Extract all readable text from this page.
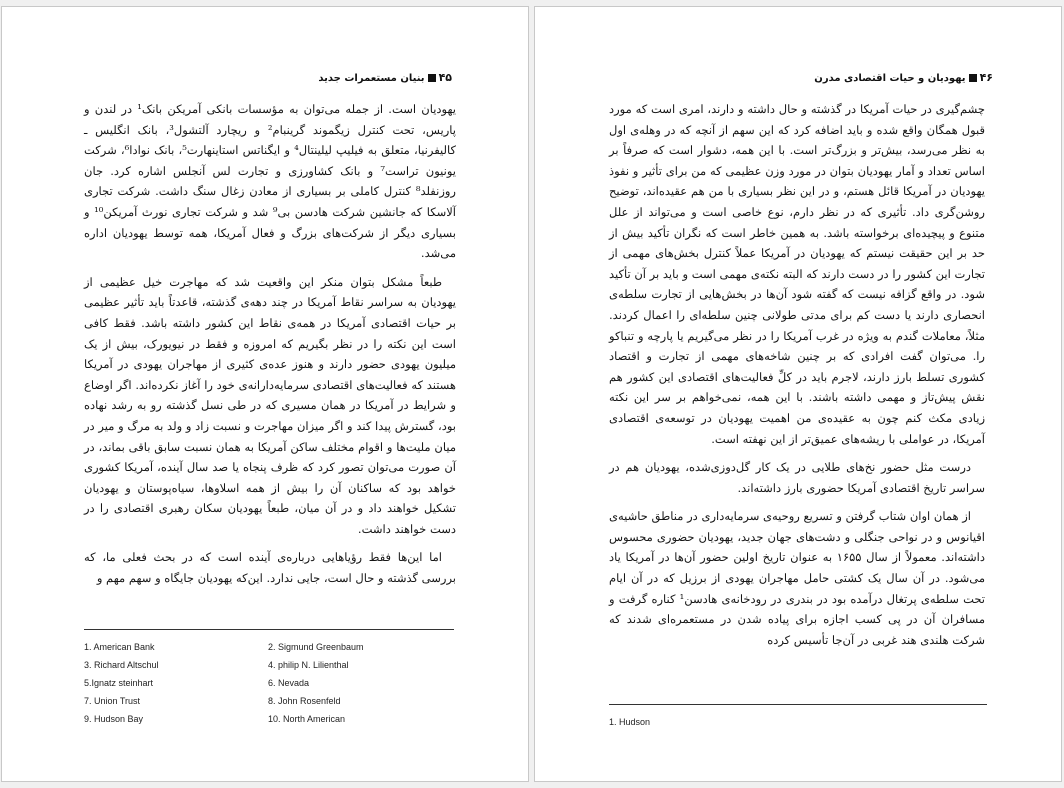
۴۵بنیان مستعمرات جدید

یهودیان است. از جمله می‌توان به مؤسسات بانکی آمریکن بانک¹ در لندن و پاریس، تحت کنترل زیگموند گرینبام² و ریچارد آلتشول³، بانک انگلیس ـ کالیفرنیا، متعلق به فیلیپ لیلینتال⁴ و ایگناتس استاینهارت⁵، بانک نوادا⁶، شرکت یونیون تراست⁷ و بانک کشاورزی و تجارت لس آنجلس اشاره کرد. جان روزنفلد⁸ کنترل کاملی بر بسیاری از معادن زغال سنگ داشت. شرکت تجاری آلاسکا که جانشین شرکت هادسن بی⁹ شد و شرکت تجاری نورث آمریکن¹⁰ و بسیاری دیگر از شرکت‌های بزرگ و فعال آمریکا، همه توسط یهودیان اداره می‌شد.

طبعاً مشکل بتوان منکر این واقعیت شد که مهاجرت خیل عظیمی از یهودیان به سراسر نقاط آمریکا در چند دهه‌ی گذشته، قاعدتاً باید تأثیر عظیمی بر حیات اقتصادی آمریکا در همه‌ی نقاط این کشور داشته باشد. فقط کافی است این نکته را در نظر بگیریم که امروزه و فقط در نیویورک، بیش از یک میلیون یهودی حضور دارند و هنوز عده‌ی کثیری از مهاجران یهودی در آمریکا هستند که فعالیت‌های اقتصادی سرمایه‌دارانه‌ی خود را آغاز نکرده‌اند. اگر اوضاع و شرایط در آمریکا در همان مسیری که در طی نسل گذشته رو به رشد نهاده بود، گسترش پیدا کند و اگر میزان مهاجرت و نسبت زاد و ولد به مرگ و میر در میان ملیت‌ها و اقوام مختلف ساکن آمریکا به همان نسبت سابق باقی بماند، در آن صورت می‌توان تصور کرد که ظرف پنجاه یا صد سال آینده، آمریکا کشوری خواهد بود که ساکنان آن را بیش از همه اسلاوها، سیاه‌پوستان و یهودیان تشکیل خواهند داد و در آن میان، طبعاً یهودیان سکان رهبری اقتصادی را در دست خواهند داشت.

اما این‌ها فقط رؤیاهایی درباره‌ی آینده است که در بحث فعلی ما، که بررسی گذشته و حال است، جایی ندارد. این‌که یهودیان جایگاه و سهم مهم و

1. American Bank	2. Sigmund Greenbaum
3. Richard Altschul	4. philip N. Lilienthal
5.Ignatz steinhart	6. Nevada
7. Union Trust	8. John Rosenfeld
9. Hudson Bay	10. North American
۴۶یهودیان و حیات اقتصادی مدرن

چشم‌گیری در حیات آمریکا در گذشته و حال داشته و دارند، امری است که مورد قبول همگان واقع شده و باید اضافه کرد که این سهم از آنچه که در وهله‌ی اول به نظر می‌رسد، بیش‌تر و بزرگ‌تر است. با این همه، دشوار است که صرفاً بر اساس تعداد و آمار یهودیان بتوان در مورد وزن عظیمی که من برای تأثیر و نفوذ یهودیان در آمریکا قائل هستم، و در این نظر بسیاری با من هم عقیده‌اند، توضیح روشن‌گری داد. تأثیری که در نظر دارم، نوع خاصی است و می‌تواند از علل متنوع و پیچیده‌ای برخواسته باشد. به همین خاطر است که نگران تأکید بیش از حد بر این حقیقت نیستم که یهودیان در آمریکا عملاً کنترل بخش‌های مهمی از تجارت این کشور را در دست دارند که البته نکته‌ی مهمی است و باید بر آن تأکید شود. در واقع گزافه نیست که گفته شود آن‌ها در بخش‌هایی از تجارت سلطه‌ی انحصاری دارند یا دست کم برای مدتی طولانی چنین سلطه‌ای را اعمال کردند. مثلاً، معاملات گندم به ویژه در غرب آمریکا را در نظر می‌گیریم یا پارچه و تنباکو را. می‌توان گفت افرادی که بر چنین شاخه‌های مهمی از تجارت و اقتصاد کشوری تسلط بارز دارند، لاجرم باید در کلِّ فعالیت‌های اقتصادی این کشور هم نقش پیش‌تاز و مهمی داشته باشند. با این همه، نمی‌خواهم بر سر این نکته زیادی مکث کنم چون به عقیده‌ی من اهمیت یهودیان در توسعه‌ی اقتصادی آمریکا، در عواملی با ریشه‌های عمیق‌تر از این نهفته است.

درست مثل حضور نخ‌های طلایی در یک کار گل‌دوزی‌شده، یهودیان هم در سراسر تاریخ اقتصادی آمریکا حضوری بارز داشته‌اند.

از همان اوان شتاب گرفتن و تسریع روحیه‌ی سرمایه‌داری در مناطق حاشیه‌ی اقیانوس و در نواحی جنگلی و دشت‌های جهان جدید، یهودیان حضوری محسوس داشته‌اند. معمولاً از سال ۱۶۵۵ به عنوان تاریخ اولین حضور آن‌ها در آمریکا یاد می‌شود. در آن سال یک کشتی حامل مهاجران یهودی از برزیل که در آن ایام تحت سلطه‌ی پرتغال درآمده بود در بندری در رودخانه‌ی هادسن¹ کناره گرفت و مسافران آن در پی کسب اجازه برای پیاده شدن در مستعمره‌ای شدند که شرکت هلندی هند غربی در آن‌جا تأسیس کرده

1. Hudson
